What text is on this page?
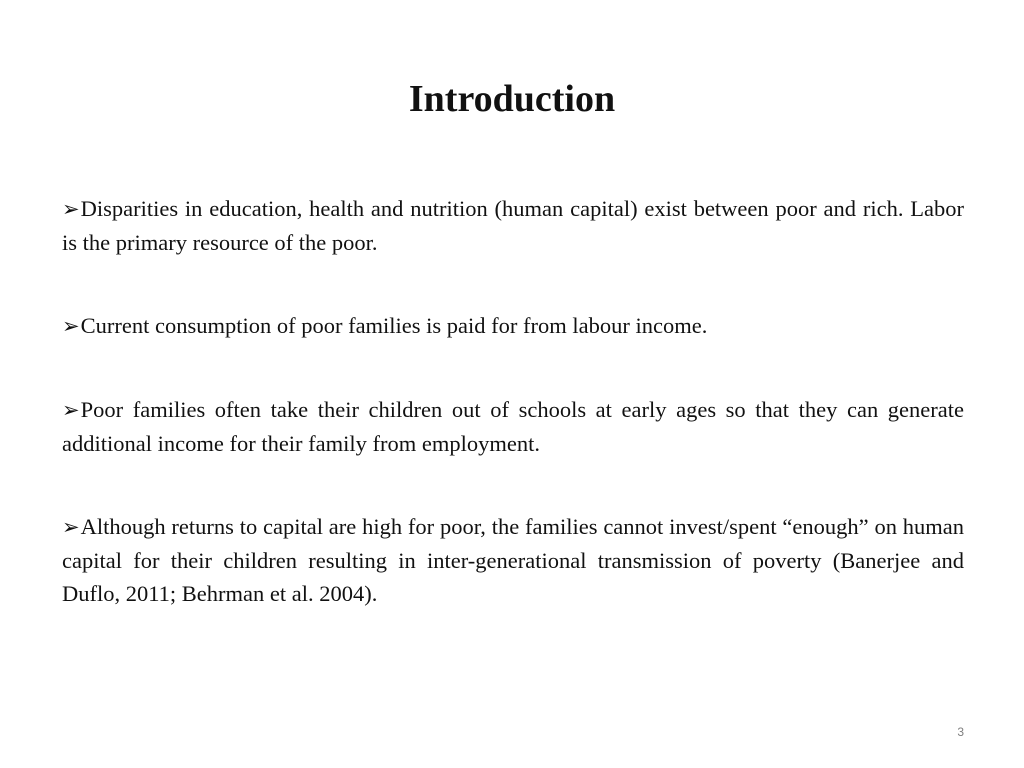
Introduction
➢Disparities in education, health and nutrition (human capital) exist between poor and rich. Labor is the primary resource of the poor.
➢Current consumption of poor families is paid for from labour income.
➢Poor families often take their children out of schools at early ages so that they can generate additional income for their family from employment.
➢Although returns to capital are high for poor, the families cannot invest/spent “enough” on human capital for their children resulting in inter-generational transmission of poverty (Banerjee and Duflo, 2011; Behrman et al. 2004).
3
